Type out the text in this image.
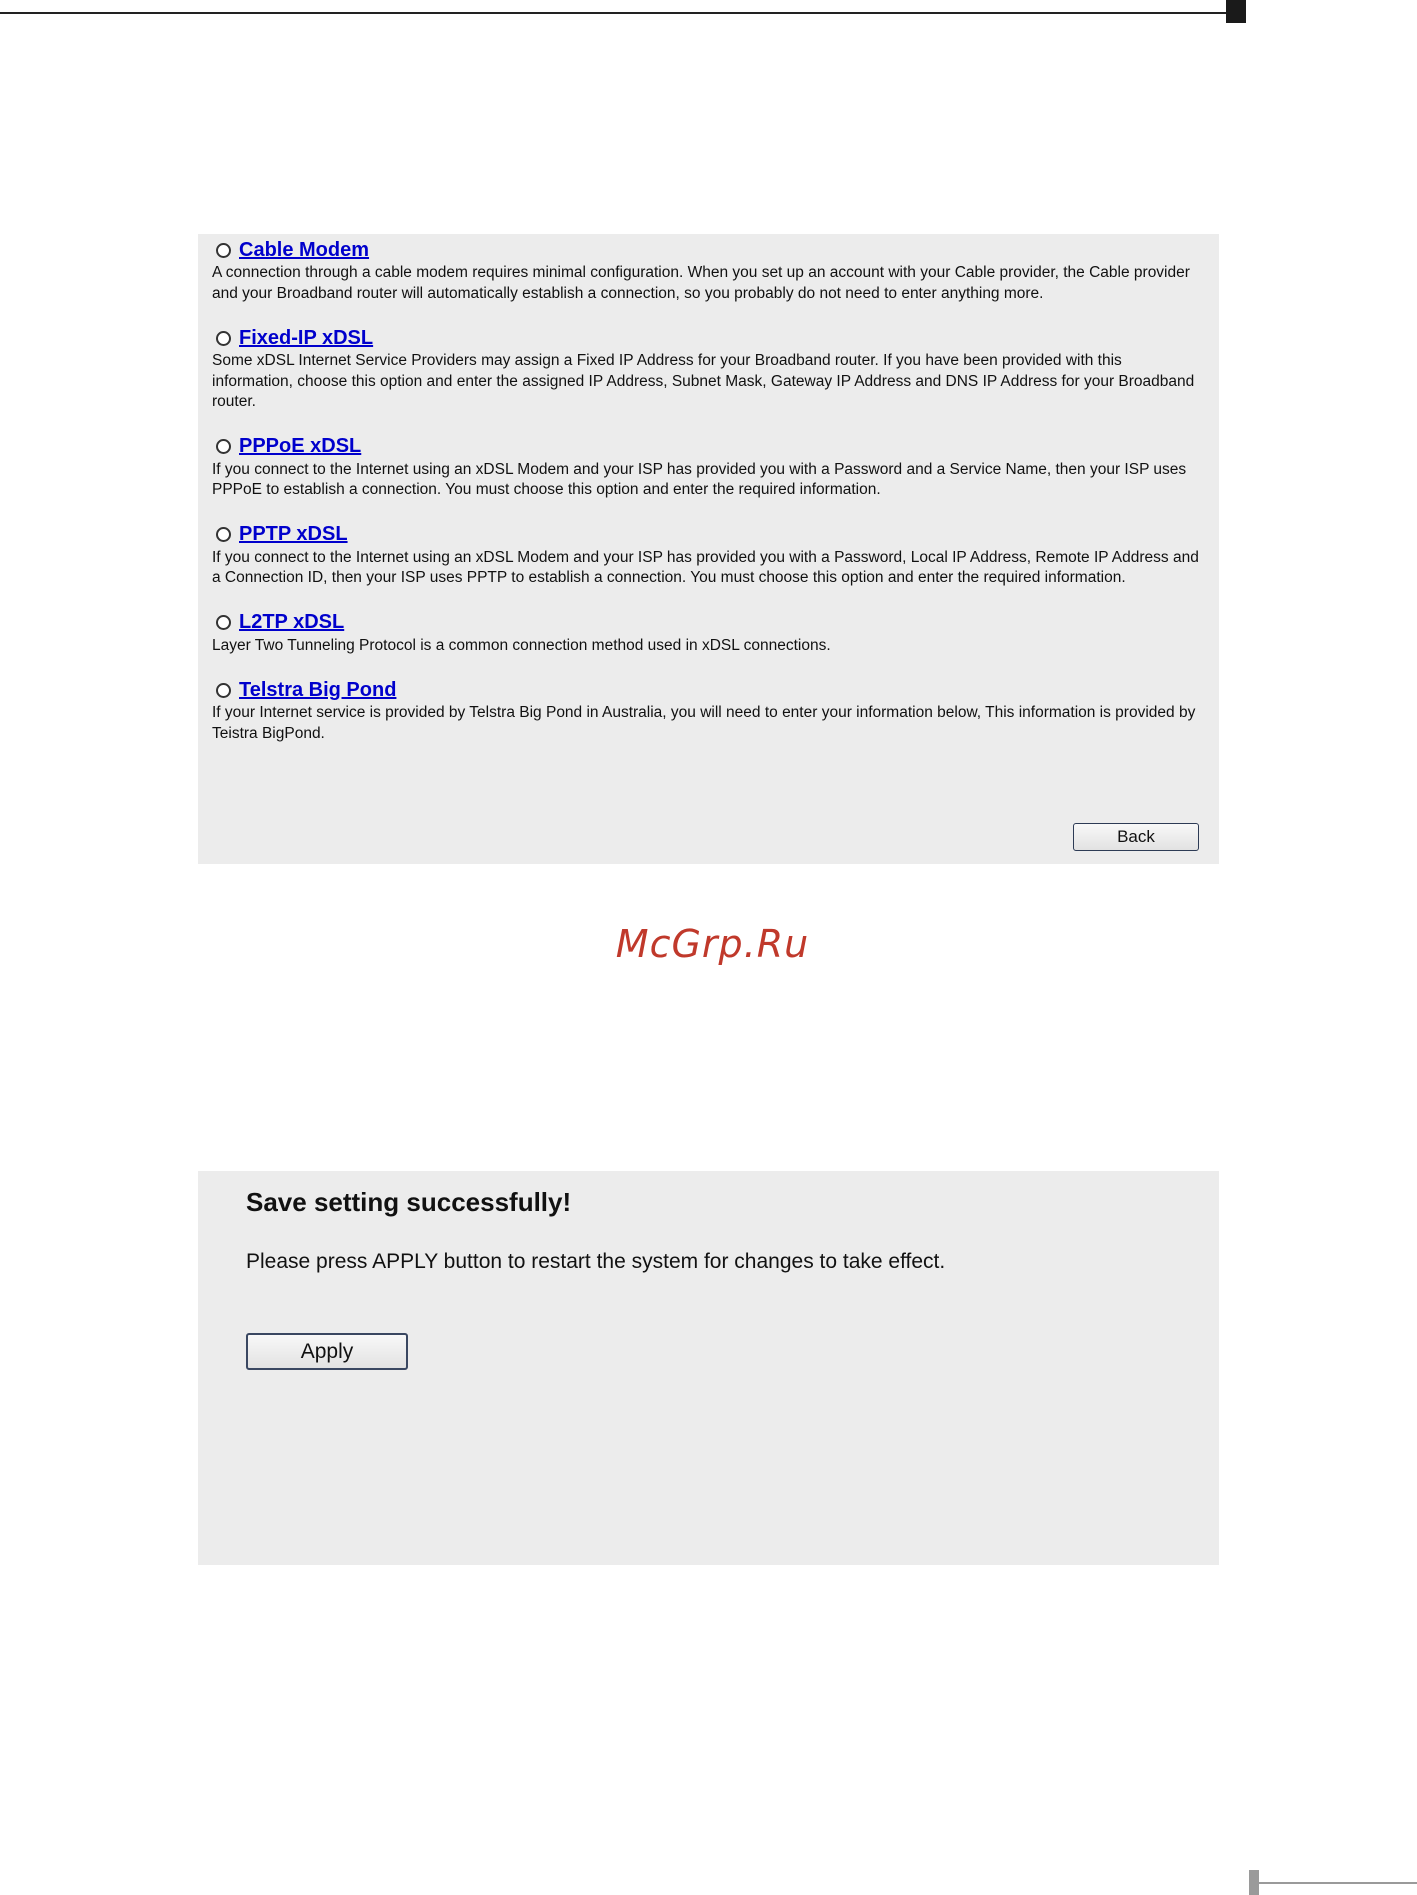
Cable Modem
A connection through a cable modem requires minimal configuration. When you set up an account with your Cable provider, the Cable provider and your Broadband router will automatically establish a connection, so you probably do not need to enter anything more.
Fixed-IP xDSL
Some xDSL Internet Service Providers may assign a Fixed IP Address for your Broadband router. If you have been provided with this information, choose this option and enter the assigned IP Address, Subnet Mask, Gateway IP Address and DNS IP Address for your Broadband router.
PPPoE xDSL
If you connect to the Internet using an xDSL Modem and your ISP has provided you with a Password and a Service Name, then your ISP uses PPPoE to establish a connection. You must choose this option and enter the required information.
PPTP xDSL
If you connect to the Internet using an xDSL Modem and your ISP has provided you with a Password, Local IP Address, Remote IP Address and a Connection ID, then your ISP uses PPTP to establish a connection. You must choose this option and enter the required information.
L2TP xDSL
Layer Two Tunneling Protocol is a common connection method used in xDSL connections.
Telstra Big Pond
If your Internet service is provided by Telstra Big Pond in Australia, you will need to enter your information below, This information is provided by Teistra BigPond.
Back
McGrp.Ru
Save setting successfully!
Please press APPLY button to restart the system for changes to take effect.
Apply
